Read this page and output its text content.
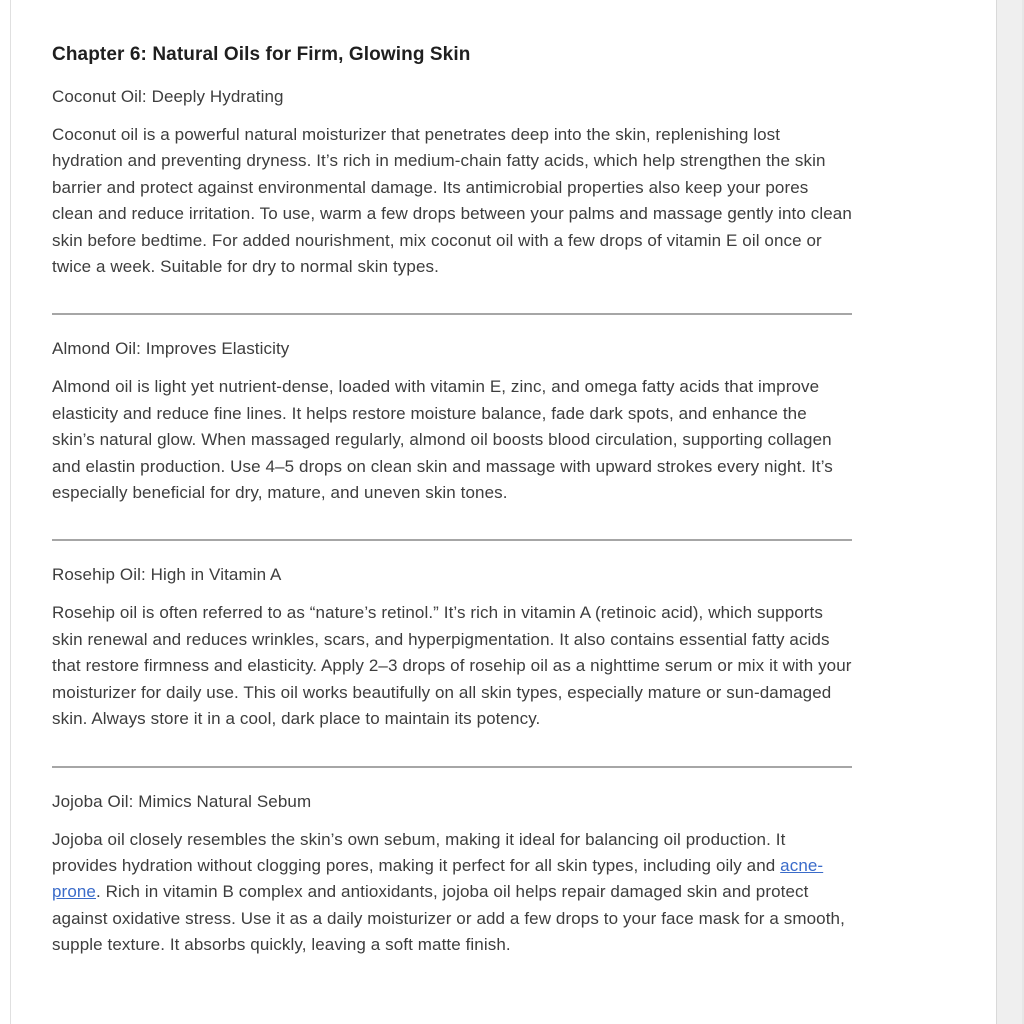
Chapter 6: Natural Oils for Firm, Glowing Skin
Coconut Oil: Deeply Hydrating

Coconut oil is a powerful natural moisturizer that penetrates deep into the skin, replenishing lost hydration and preventing dryness. It’s rich in medium-chain fatty acids, which help strengthen the skin barrier and protect against environmental damage. Its antimicrobial properties also keep your pores clean and reduce irritation. To use, warm a few drops between your palms and massage gently into clean skin before bedtime. For added nourishment, mix coconut oil with a few drops of vitamin E oil once or twice a week. Suitable for dry to normal skin types.

Almond Oil: Improves Elasticity

Almond oil is light yet nutrient-dense, loaded with vitamin E, zinc, and omega fatty acids that improve elasticity and reduce fine lines. It helps restore moisture balance, fade dark spots, and enhance the skin’s natural glow. When massaged regularly, almond oil boosts blood circulation, supporting collagen and elastin production. Use 4–5 drops on clean skin and massage with upward strokes every night. It’s especially beneficial for dry, mature, and uneven skin tones.

Rosehip Oil: High in Vitamin A

Rosehip oil is often referred to as “nature’s retinol.” It’s rich in vitamin A (retinoic acid), which supports skin renewal and reduces wrinkles, scars, and hyperpigmentation. It also contains essential fatty acids that restore firmness and elasticity. Apply 2–3 drops of rosehip oil as a nighttime serum or mix it with your moisturizer for daily use. This oil works beautifully on all skin types, especially mature or sun-damaged skin. Always store it in a cool, dark place to maintain its potency.

Jojoba Oil: Mimics Natural Sebum

Jojoba oil closely resembles the skin’s own sebum, making it ideal for balancing oil production. It provides hydration without clogging pores, making it perfect for all skin types, including oily and acne-prone. Rich in vitamin B complex and antioxidants, jojoba oil helps repair damaged skin and protect against oxidative stress. Use it as a daily moisturizer or add a few drops to your face mask for a smooth, supple texture. It absorbs quickly, leaving a soft matte finish.
